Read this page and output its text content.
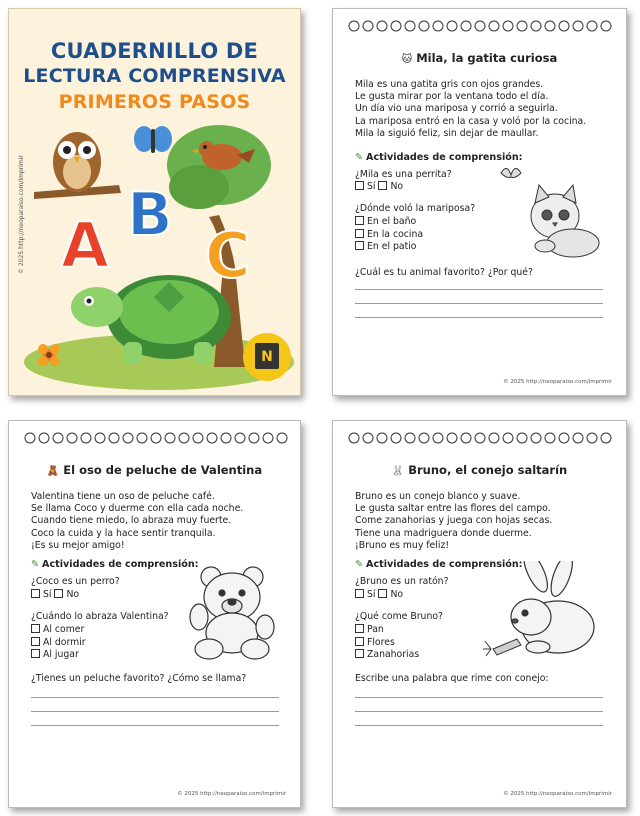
CUADERNILLO DE
LECTURA COMPRENSIVA
PRIMEROS PASOS
© 2025 http://neoparaiso.com/imprimir A B
C
N
🐱 Mila, la gatita curiosa
Mila es una gatita gris con ojos grandes.
Le gusta mirar por la ventana todo el día.
Un día vio una mariposa y corrió a seguirla.
La mariposa entró en la casa y voló por la cocina.
Mila la siguió feliz, sin dejar de maullar.
✎ Actividades de comprensión:
¿Mila es una perrita?
Sí No
¿Dónde voló la mariposa?
En el baño
En la cocina
En el patio
¿Cuál es tu animal favorito? ¿Por qué?
© 2025 http://neoparaiso.com/imprimir
🧸 El oso de peluche de Valentina
Valentina tiene un oso de peluche café.
Se llama Coco y duerme con ella cada noche.
Cuando tiene miedo, lo abraza muy fuerte.
Coco la cuida y la hace sentir tranquila.
¡Es su mejor amigo!
✎ Actividades de comprensión:
¿Coco es un perro?
Sí No
¿Cuándo lo abraza Valentina?
Al comer
Al dormir
Al jugar
¿Tienes un peluche favorito? ¿Cómo se llama?
© 2025 http://neoparaiso.com/imprimir
🐰 Bruno, el conejo saltarín
Bruno es un conejo blanco y suave.
Le gusta saltar entre las flores del campo.
Come zanahorias y juega con hojas secas.
Tiene una madriguera donde duerme.
¡Bruno es muy feliz!
✎ Actividades de comprensión:
¿Bruno es un ratón?
Sí No
¿Qué come Bruno?
Pan
Flores
Zanahorias
Escribe una palabra que rime con conejo:
© 2025 http://neoparaiso.com/imprimir
